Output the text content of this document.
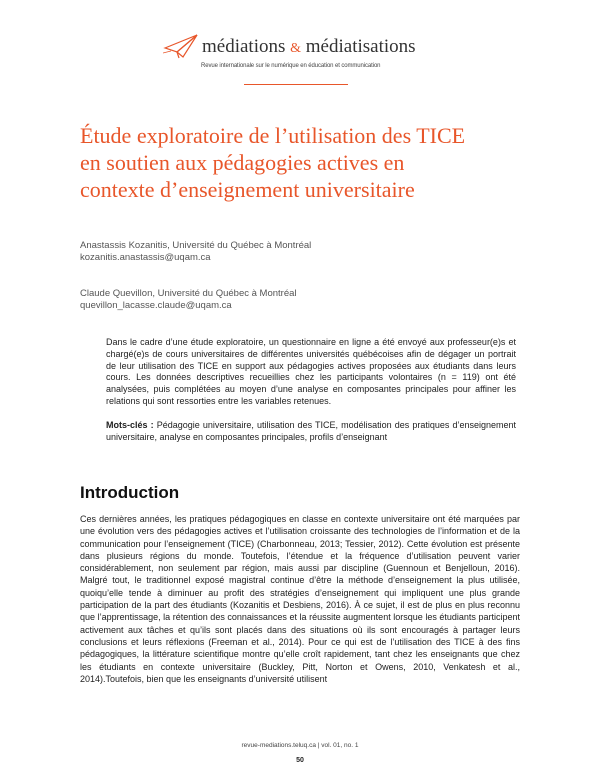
médiations & médiatisations
Revue internationale sur le numérique en éducation et communication
Étude exploratoire de l’utilisation des TICE
en soutien aux pédagogies actives en
contexte d’enseignement universitaire
Anastassis Kozanitis, Université du Québec à Montréal
kozanitis.anastassis@uqam.ca
Claude Quevillon, Université du Québec à Montréal
quevillon_lacasse.claude@uqam.ca

Dans le cadre d’une étude exploratoire, un questionnaire en ligne a été envoyé aux professeur(e)s et chargé(e)s de cours universitaires de différentes universités québécoises afin de dégager un portrait de leur utilisation des TICE en support aux pédagogies actives proposées aux étudiants dans leurs cours. Les données descriptives recueillies chez les participants volontaires (n = 119) ont été analysées, puis complétées au moyen d’une analyse en composantes principales pour affiner les relations qui sont ressorties entre les variables retenues.

Mots-clés : Pédagogie universitaire, utilisation des TICE, modélisation des pratiques d’enseignement universitaire, analyse en composantes principales, profils d’enseignant

Introduction

Ces dernières années, les pratiques pédagogiques en classe en contexte universitaire ont été marquées par une évolution vers des pédagogies actives et l’utilisation croissante des technologies de l’information et de la communication pour l’enseignement (TICE) (Charbonneau, 2013; Tessier, 2012). Cette évolution est présente dans plusieurs régions du monde. Toutefois, l’étendue et la fréquence d’utilisation peuvent varier considérablement, non seulement par région, mais aussi par discipline (Guennoun et Benjelloun, 2016). Malgré tout, le traditionnel exposé magistral continue d’être la méthode d’enseignement la plus utilisée, quoiqu’elle tende à diminuer au profit des stratégies d’enseignement qui impliquent une plus grande participation de la part des étudiants (Kozanitis et Desbiens, 2016). À ce sujet, il est de plus en plus reconnu que l’apprentissage, la rétention des connaissances et la réussite augmentent lorsque les étudiants participent activement aux tâches et qu’ils sont placés dans des situations où ils sont encouragés à partager leurs conclusions et leurs réflexions (Freeman et al., 2014). Pour ce qui est de l’utilisation des TICE à des fins pédagogiques, la littérature scientifique montre qu’elle croît rapidement, tant chez les enseignants que chez les étudiants en contexte universitaire (Buckley, Pitt, Norton et Owens, 2010, Venkatesh et al., 2014).Toutefois, bien que les enseignants d’université utilisent

revue-mediations.teluq.ca | vol. 01, no. 1
50
